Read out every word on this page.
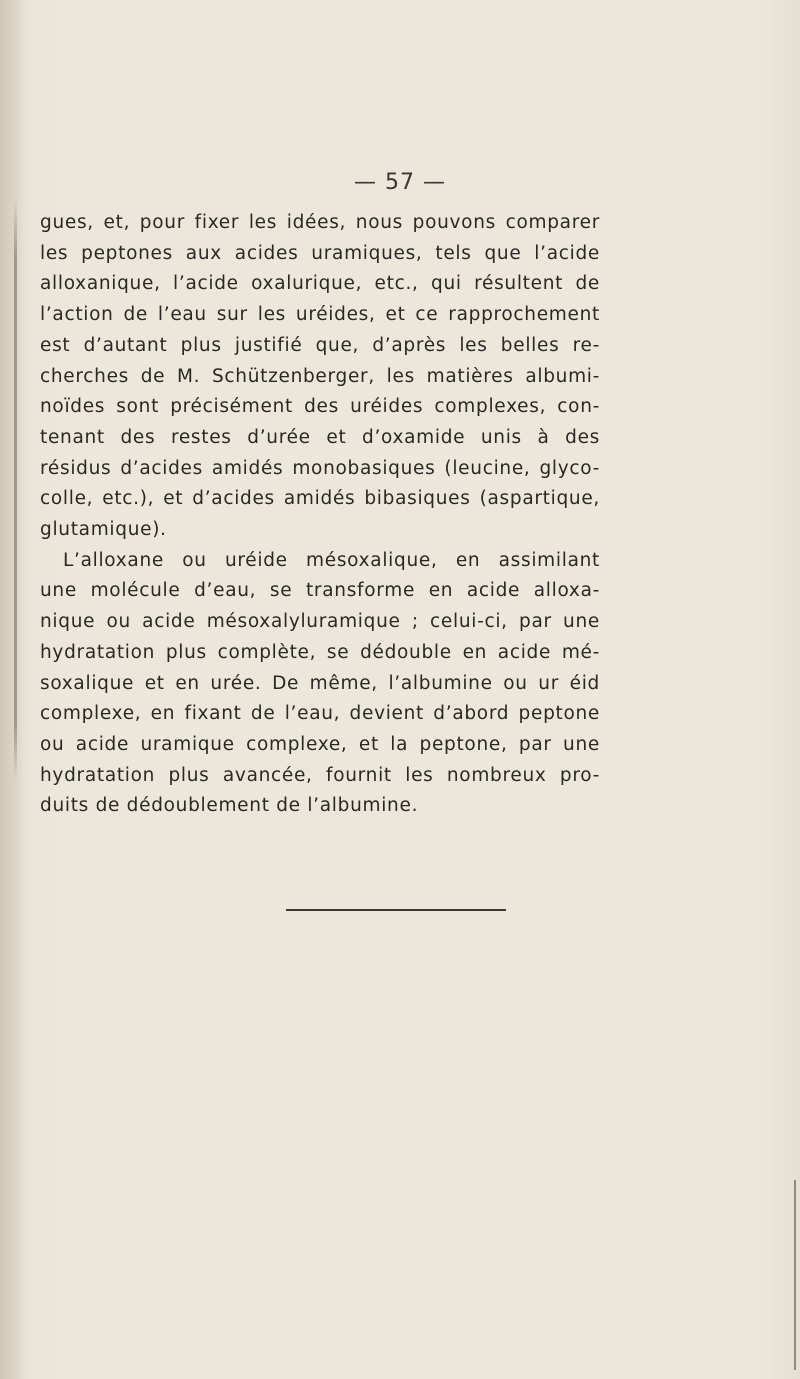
— 57 —
gues, et, pour fixer les idées, nous pouvons comparer
les peptones aux acides uramiques, tels que l’acide
alloxanique, l’acide oxalurique, etc., qui résultent de
l’action de l’eau sur les uréides, et ce rapprochement
est d’autant plus justifié que, d’après les belles re-
cherches de M. Schützenberger, les matières albumi-
noïdes sont précisément des uréides complexes, con-
tenant des restes d’urée et d’oxamide unis à des
résidus d’acides amidés monobasiques (leucine, glyco-
colle, etc.), et d’acides amidés bibasiques (aspartique,
glutamique).
L’alloxane ou uréide mésoxalique, en assimilant
une molécule d’eau, se transforme en acide alloxa-
nique ou acide mésoxalyluramique ; celui-ci, par une
hydratation plus complète, se dédouble en acide mé-
soxalique et en urée. De même, l’albumine ou ur éid
complexe, en fixant de l’eau, devient d’abord peptone
ou acide uramique complexe, et la peptone, par une
hydratation plus avancée, fournit les nombreux pro-
duits de dédoublement de l’albumine.
